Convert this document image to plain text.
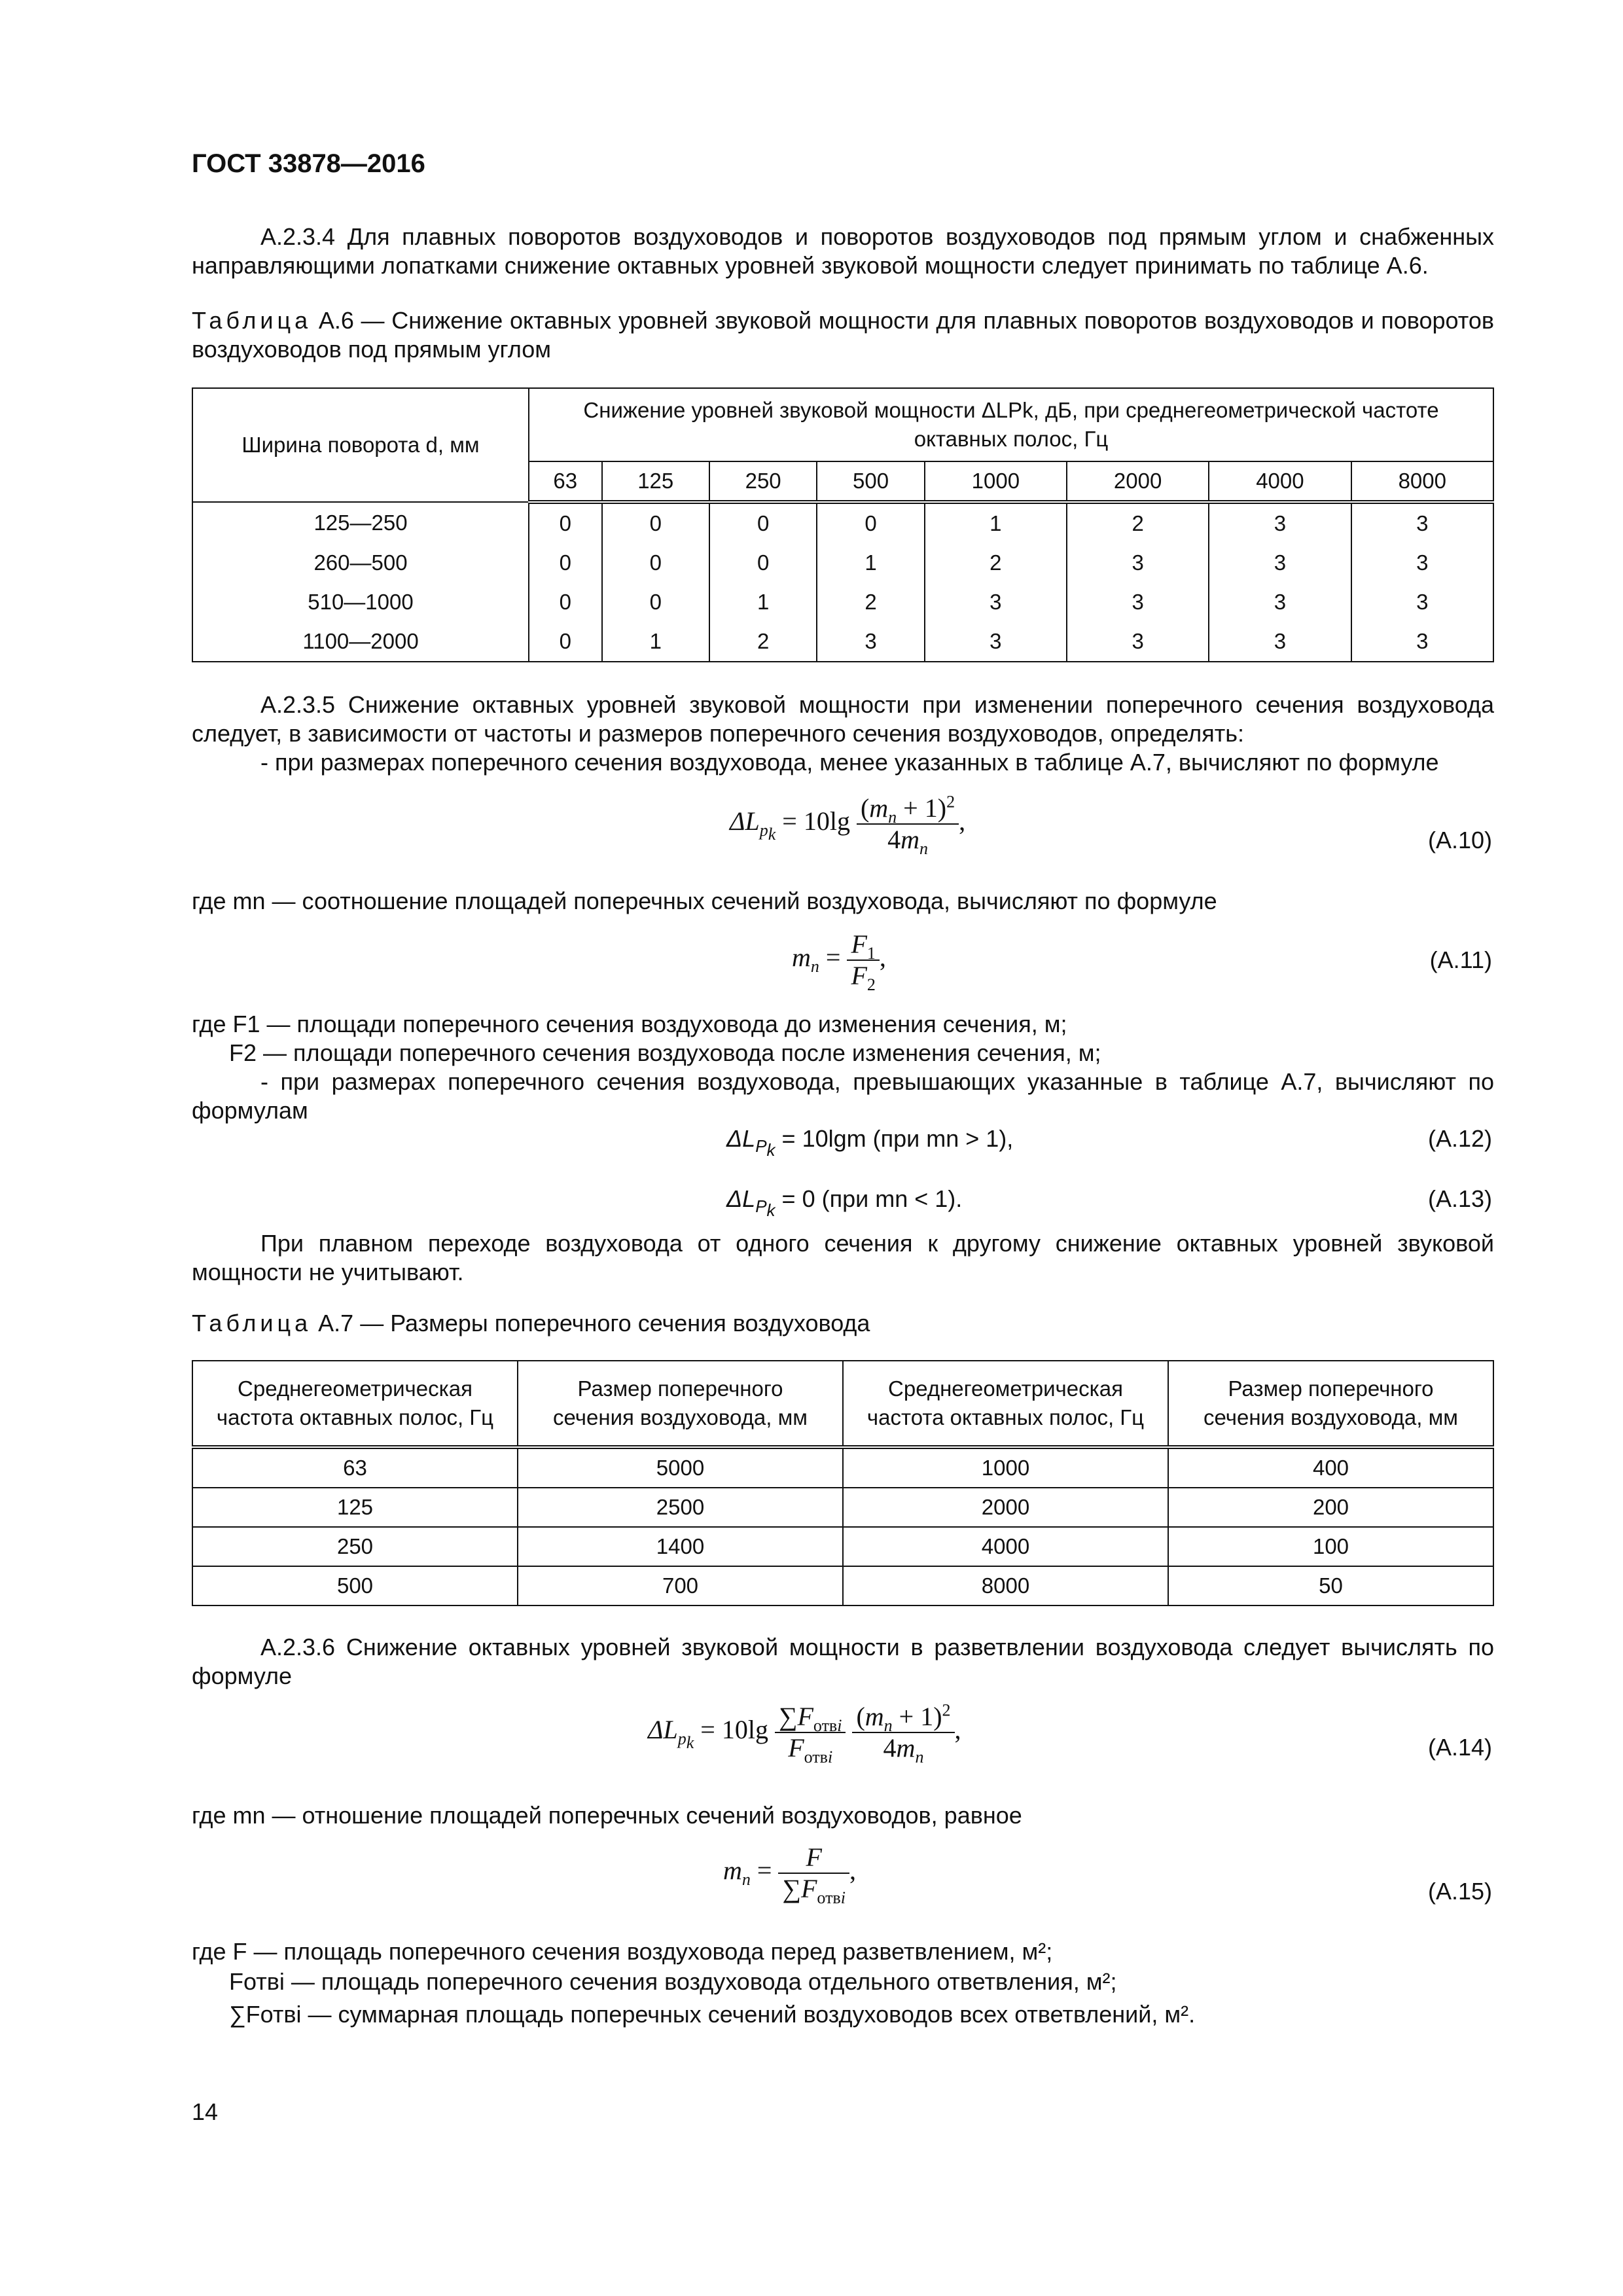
ГОСТ 33878—2016
А.2.3.4 Для плавных поворотов воздуховодов и поворотов воздуховодов под прямым углом и снабженных направляющими лопатками снижение октавных уровней звуковой мощности следует принимать по таблице А.6.
Таблица А.6 — Снижение октавных уровней звуковой мощности для плавных поворотов воздуховодов и поворотов воздуховодов под прямым углом
Ширина поворота d, мм	Снижение уровней звуковой мощности ΔLPk, дБ, при среднегеометрической частоте октавных полос, Гц							
	63	125	250	500	1000	2000	4000	8000
125—250	0	0	0	0	1	2	3	3
260—500	0	0	0	1	2	3	3	3
510—1000	0	0	1	2	3	3	3	3
1100—2000	0	1	2	3	3	3	3	3
А.2.3.5 Снижение октавных уровней звуковой мощности при изменении поперечного сечения воздуховода следует, в зависимости от частоты и размеров поперечного сечения воздуховодов, определять:
- при размерах поперечного сечения воздуховода, менее указанных в таблице А.7, вычисляют по формуле
$\Delta L_{p_k} = 10\lg \frac{(m_n + 1)^2}{4m_n}$ ,
(А.10)
где mn — соотношение площадей поперечных сечений воздуховода, вычисляют по формуле
$m_n = \frac{F_1}{F_2}$ ,	(А.11)
где F1 — площади поперечного сечения воздуховода до изменения сечения, м;
F2 — площади поперечного сечения воздуховода после изменения сечения, м;
- при размерах поперечного сечения воздуховода, превышающих указанные в таблице А.7, вычисляют по формулам
$\Delta L_{P_k} = 10\lg m$ (при mn > 1),	(А.12)
$\Delta L_{P_k} = 0$ (при mn < 1).	(А.13)
При плавном переходе воздуховода от одного сечения к другому снижение октавных уровней звуковой мощности не учитывают.
Таблица А.7 — Размеры поперечного сечения воздуховода
Среднегеометрическая частота октавных полос, Гц	Размер поперечного сечения воздуховода, мм	Среднегеометрическая частота октавных полос, Гц	Размер поперечного сечения воздуховода, мм
63	5000	1000	400
125	2500	2000	200
250	1400	4000	100
500	700	8000	50
А.2.3.6 Снижение октавных уровней звуковой мощности в разветвлении воздуховода следует вычислять по формуле
$\Delta L_{p_k} = 10\lg \frac{\sum F_{отвi}}{F_{отвi}}$
$\frac{(m_n + 1)^2}{4m_n}$ ,
(А.14)
где mn — отношение площадей поперечных сечений воздуховодов, равное
$m_n = \frac{F}{\sum F_{отвi}}$ ,
(А.15)
где F — площадь поперечного сечения воздуховода перед разветвлением, м²;
Fотвi — площадь поперечного сечения воздуховода отдельного ответвления, м²;
∑Fотвi — суммарная площадь поперечных сечений воздуховодов всех ответвлений, м².
14
